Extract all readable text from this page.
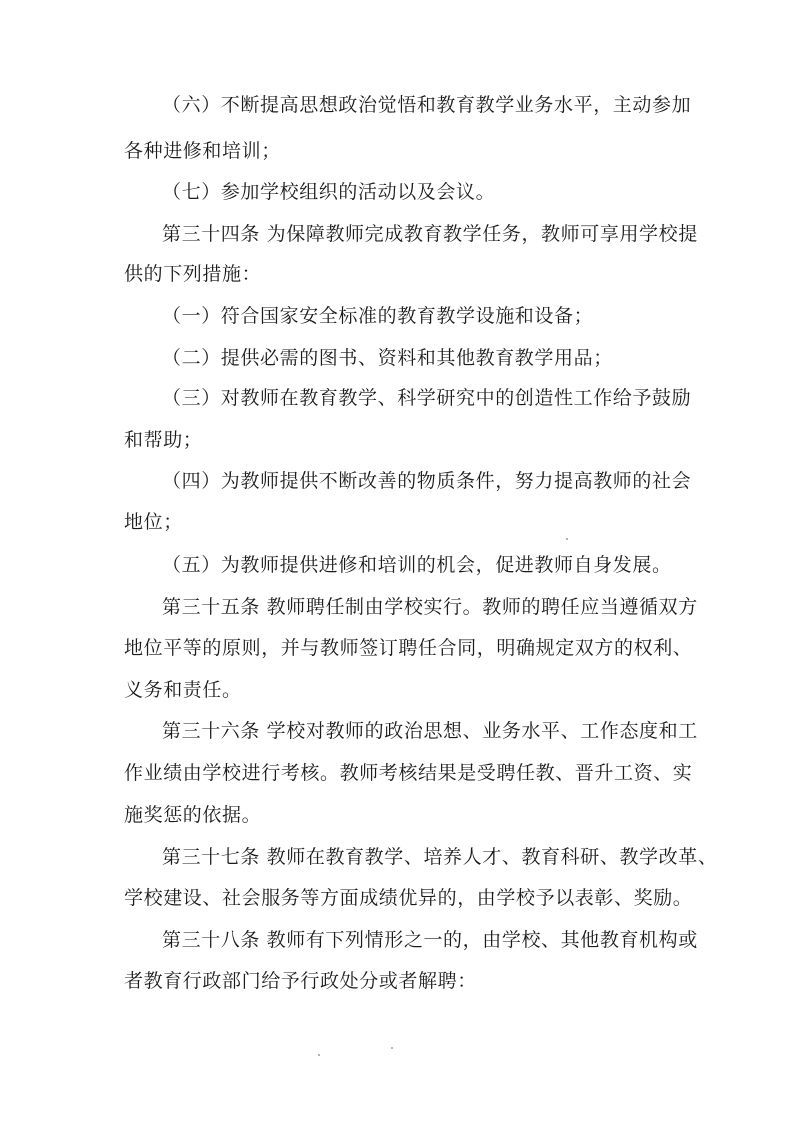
（六）不断提高思想政治觉悟和教育教学业务水平，主动参加
各种进修和培训；
（七）参加学校组织的活动以及会议。
第三十四条 为保障教师完成教育教学任务，教师可享用学校提
供的下列措施：
（一）符合国家安全标准的教育教学设施和设备；
（二）提供必需的图书、资料和其他教育教学用品；
（三）对教师在教育教学、科学研究中的创造性工作给予鼓励
和帮助；
（四）为教师提供不断改善的物质条件，努力提高教师的社会
地位；
（五）为教师提供进修和培训的机会，促进教师自身发展。
第三十五条 教师聘任制由学校实行。教师的聘任应当遵循双方
地位平等的原则，并与教师签订聘任合同，明确规定双方的权利、
义务和责任。
第三十六条 学校对教师的政治思想、业务水平、工作态度和工
作业绩由学校进行考核。教师考核结果是受聘任教、晋升工资、实
施奖惩的依据。
第三十七条 教师在教育教学、培养人才、教育科研、教学改革、
学校建设、社会服务等方面成绩优异的，由学校予以表彰、奖励。
第三十八条 教师有下列情形之一的，由学校、其他教育机构或
者教育行政部门给予行政处分或者解聘：
